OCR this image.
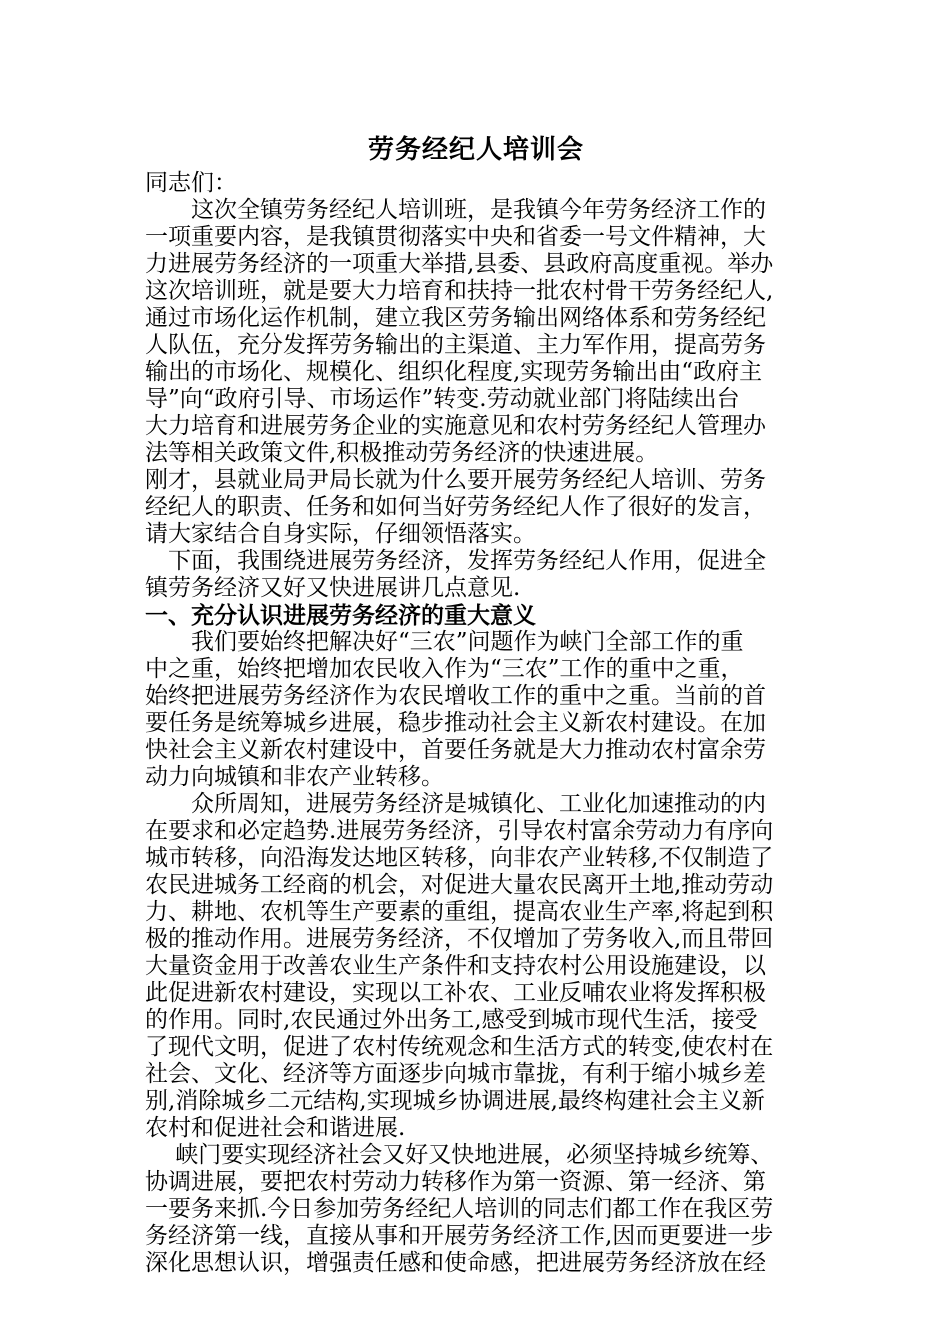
劳务经纪人培训会
同志们：
　　这次全镇劳务经纪人培训班，是我镇今年劳务经济工作的
一项重要内容，是我镇贯彻落实中央和省委一号文件精神，大
力进展劳务经济的一项重大举措,县委、县政府高度重视。举办
这次培训班，就是要大力培育和扶持一批农村骨干劳务经纪人,
通过市场化运作机制，建立我区劳务输出网络体系和劳务经纪
人队伍，充分发挥劳务输出的主渠道、主力军作用，提高劳务
输出的市场化、规模化、组织化程度,实现劳务输出由“政府主
导”向“政府引导、市场运作”转变.劳动就业部门将陆续出台
大力培育和进展劳务企业的实施意见和农村劳务经纪人管理办
法等相关政策文件,积极推动劳务经济的快速进展。
刚才，县就业局尹局长就为什么要开展劳务经纪人培训、劳务
经纪人的职责、任务和如何当好劳务经纪人作了很好的发言，
请大家结合自身实际，仔细领悟落实。
　下面，我围绕进展劳务经济，发挥劳务经纪人作用，促进全
镇劳务经济又好又快进展讲几点意见.
一、充分认识进展劳务经济的重大意义
　　我们要始终把解决好“三农”问题作为峡门全部工作的重
中之重，始终把增加农民收入作为“三农”工作的重中之重，
始终把进展劳务经济作为农民增收工作的重中之重。当前的首
要任务是统筹城乡进展，稳步推动社会主义新农村建设。在加
快社会主义新农村建设中，首要任务就是大力推动农村富余劳
动力向城镇和非农产业转移。
　　众所周知，进展劳务经济是城镇化、工业化加速推动的内
在要求和必定趋势.进展劳务经济，引导农村富余劳动力有序向
城市转移，向沿海发达地区转移，向非农产业转移,不仅制造了
农民进城务工经商的机会，对促进大量农民离开土地,推动劳动
力、耕地、农机等生产要素的重组，提高农业生产率,将起到积
极的推动作用。进展劳务经济，不仅增加了劳务收入,而且带回
大量资金用于改善农业生产条件和支持农村公用设施建设，以
此促进新农村建设，实现以工补农、工业反哺农业将发挥积极
的作用。同时,农民通过外出务工,感受到城市现代生活，接受
了现代文明，促进了农村传统观念和生活方式的转变,使农村在
社会、文化、经济等方面逐步向城市靠拢，有利于缩小城乡差
别,消除城乡二元结构,实现城乡协调进展,最终构建社会主义新
农村和促进社会和谐进展.
　 峡门要实现经济社会又好又快地进展，必须坚持城乡统筹、
协调进展，要把农村劳动力转移作为第一资源、第一经济、第
一要务来抓.今日参加劳务经纪人培训的同志们都工作在我区劳
务经济第一线，直接从事和开展劳务经济工作,因而更要进一步
深化思想认识，增强责任感和使命感，把进展劳务经济放在经
